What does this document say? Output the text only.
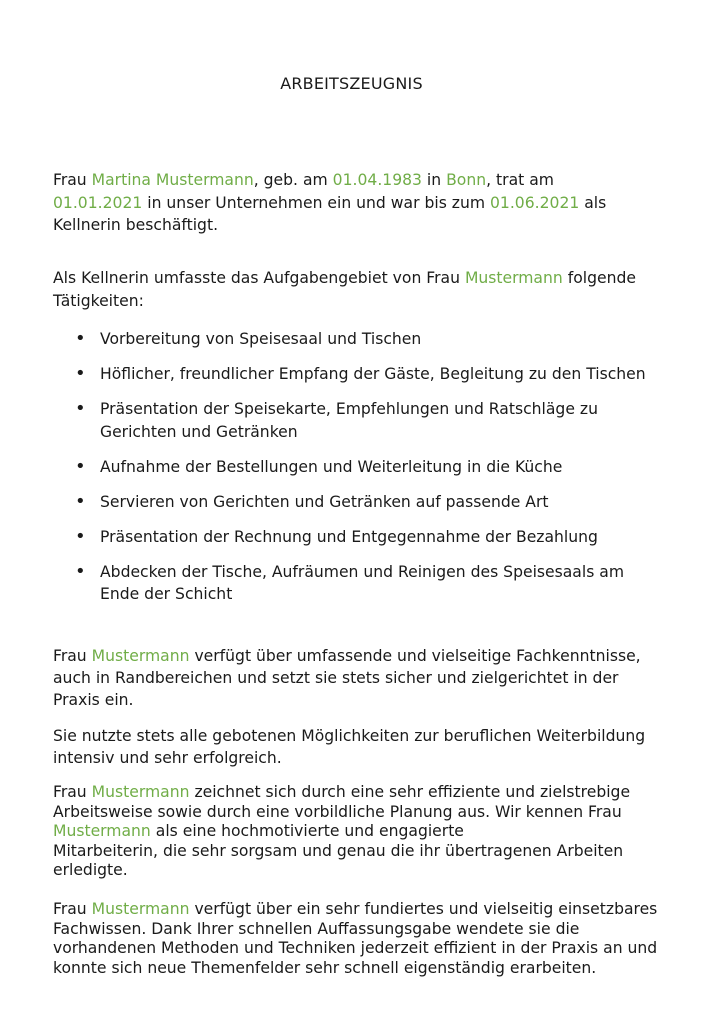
ARBEITSZEUGNIS

Frau Martina Mustermann, geb. am 01.04.1983 in Bonn, trat am
01.01.2021 in unser Unternehmen ein und war bis zum 01.06.2021 als
Kellnerin beschäftigt.

Als Kellnerin umfasste das Aufgabengebiet von Frau Mustermann folgende
Tätigkeiten:

• Vorbereitung von Speisesaal und Tischen
• Höflicher, freundlicher Empfang der Gäste, Begleitung zu den Tischen
• Präsentation der Speisekarte, Empfehlungen und Ratschläge zu Gerichten und Getränken
• Aufnahme der Bestellungen und Weiterleitung in die Küche
• Servieren von Gerichten und Getränken auf passende Art
• Präsentation der Rechnung und Entgegennahme der Bezahlung
• Abdecken der Tische, Aufräumen und Reinigen des Speisesaals am Ende der Schicht

Frau Mustermann verfügt über umfassende und vielseitige Fachkenntnisse, auch in Randbereichen und setzt sie stets sicher und zielgerichtet in der Praxis ein.

Sie nutzte stets alle gebotenen Möglichkeiten zur beruflichen Weiterbildung intensiv und sehr erfolgreich.

Frau Mustermann zeichnet sich durch eine sehr effiziente und zielstrebige Arbeitsweise sowie durch eine vorbildliche Planung aus. Wir kennen Frau
Mustermann als eine hochmotivierte und engagierte
Mitarbeiterin, die sehr sorgsam und genau die ihr übertragenen Arbeiten erledigte.

Frau Mustermann verfügt über ein sehr fundiertes und vielseitig einsetzbares Fachwissen. Dank Ihrer schnellen Auffassungsgabe wendete sie die vorhandenen Methoden und Techniken jederzeit effizient in der Praxis an und konnte sich neue Themenfelder sehr schnell eigenständig erarbeiten.
